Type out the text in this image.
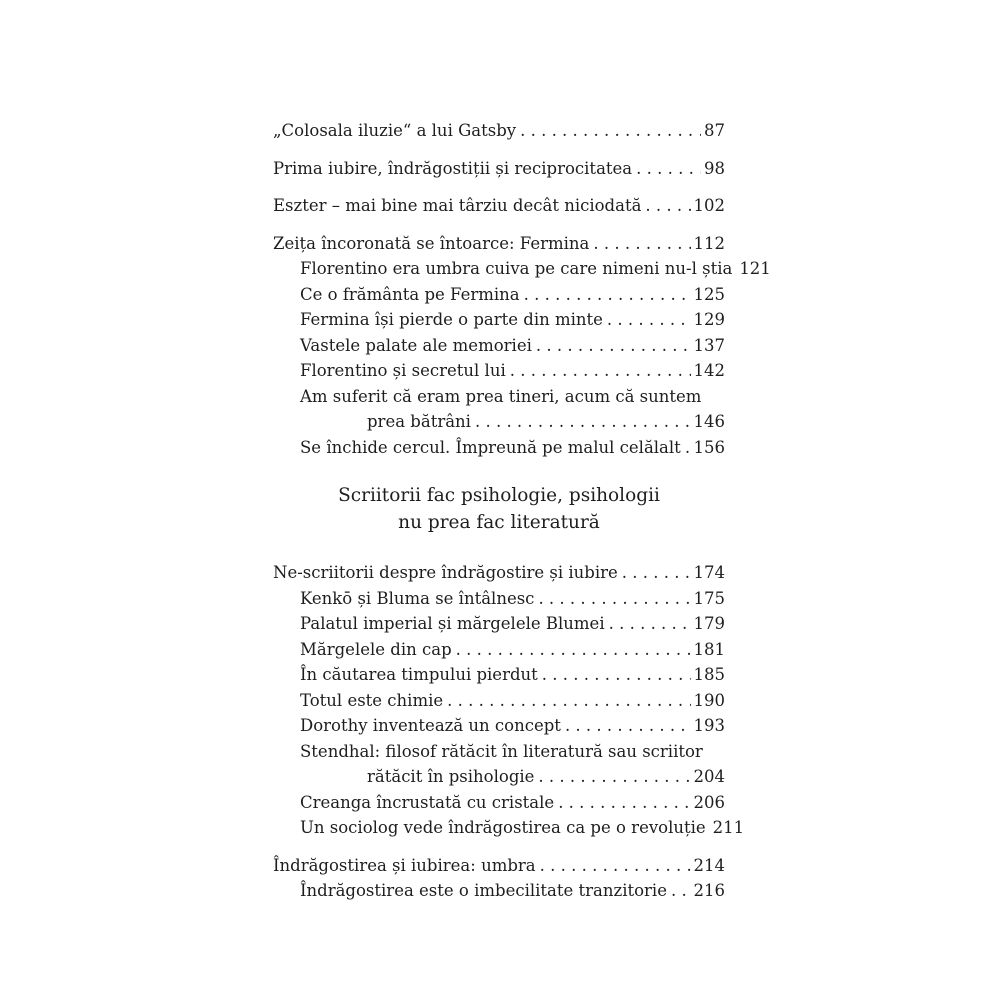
„Colosala iluzie“ a lui Gatsby . . .	87
Prima iubire, îndrăgostiții și reciprocitatea . . .	98
Eszter – mai bine mai târziu decât niciodată . . .	102
Zeița încoronată se întoarce: Fermina . . .	112
Florentino era umbra cuiva pe care nimeni nu-l știa 121
Ce o frământa pe Fermina . . .	125
Fermina își pierde o parte din minte . . .	129
Vastele palate ale memoriei . . .	137
Florentino și secretul lui . . .	142
Am suferit că eram prea tineri, acum că suntem
prea bătrâni . . .	146
Se închide cercul. Împreună pe malul celălalt . . . 156
Scriitorii fac psihologie, psihologii
nu prea fac literatură
Ne-scriitorii despre îndrăgostire și iubire . . .	174
Kenkō și Bluma se întâlnesc . . .	175
Palatul imperial și mărgelele Blumei . . .	179
Mărgelele din cap . . .	181
În căutarea timpului pierdut . . .	185
Totul este chimie . . .	190
Dorothy inventează un concept . . .	193
Stendhal: filosof rătăcit în literatură sau scriitor
rătăcit în psihologie . . .	204
Creanga încrustată cu cristale . . .	206
Un sociolog vede îndrăgostirea ca pe o revoluție 211
Îndrăgostirea și iubirea: umbra . . .	214
Îndrăgostirea este o imbecilitate tranzitorie . . . 216
